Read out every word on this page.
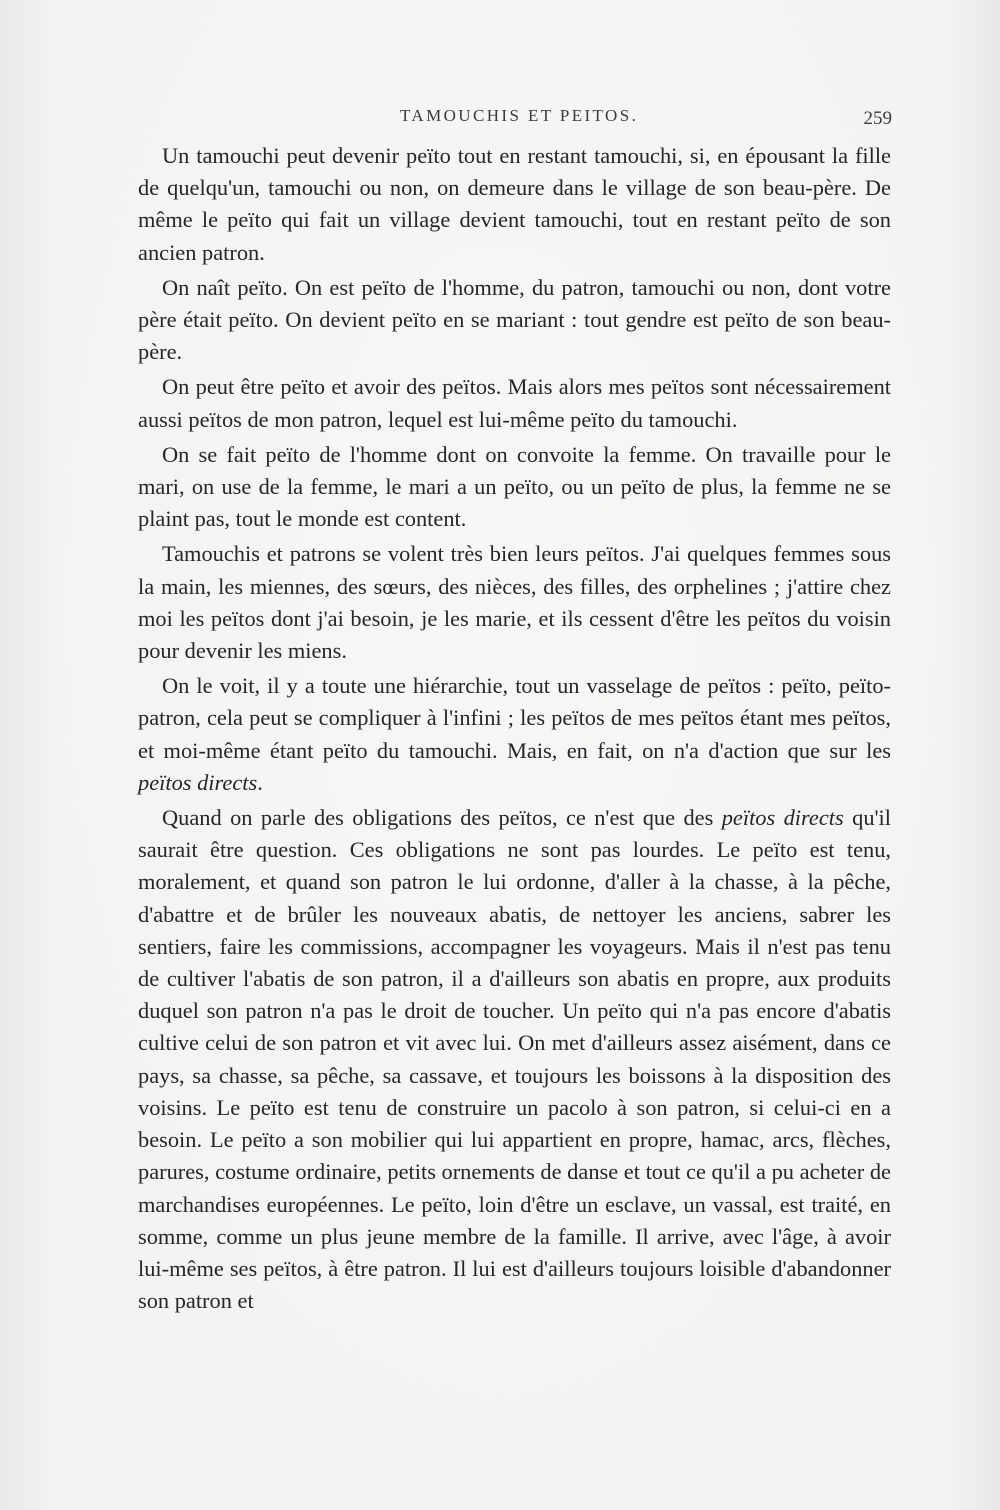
TAMOUCHIS ET PEITOS.	259

Un tamouchi peut devenir peïto tout en restant tamouchi, si, en épousant la fille de quelqu'un, tamouchi ou non, on demeure dans le village de son beau-père. De même le peïto qui fait un village devient tamouchi, tout en restant peïto de son ancien patron.

On naît peïto. On est peïto de l'homme, du patron, tamouchi ou non, dont votre père était peïto. On devient peïto en se mariant : tout gendre est peïto de son beau-père.

On peut être peïto et avoir des peïtos. Mais alors mes peïtos sont nécessairement aussi peïtos de mon patron, lequel est lui-même peïto du tamouchi.

On se fait peïto de l'homme dont on convoite la femme. On travaille pour le mari, on use de la femme, le mari a un peïto, ou un peïto de plus, la femme ne se plaint pas, tout le monde est content.

Tamouchis et patrons se volent très bien leurs peïtos. J'ai quelques femmes sous la main, les miennes, des sœurs, des nièces, des filles, des orphelines ; j'attire chez moi les peïtos dont j'ai besoin, je les marie, et ils cessent d'être les peïtos du voisin pour devenir les miens.

On le voit, il y a toute une hiérarchie, tout un vasselage de peïtos : peïto, peïto-patron, cela peut se compliquer à l'infini ; les peïtos de mes peïtos étant mes peïtos, et moi-même étant peïto du tamouchi. Mais, en fait, on n'a d'action que sur les peïtos directs.

Quand on parle des obligations des peïtos, ce n'est que des peïtos directs qu'il saurait être question. Ces obligations ne sont pas lourdes. Le peïto est tenu, moralement, et quand son patron le lui ordonne, d'aller à la chasse, à la pêche, d'abattre et de brûler les nouveaux abatis, de nettoyer les anciens, sabrer les sentiers, faire les commissions, accompagner les voyageurs. Mais il n'est pas tenu de cultiver l'abatis de son patron, il a d'ailleurs son abatis en propre, aux produits duquel son patron n'a pas le droit de toucher. Un peïto qui n'a pas encore d'abatis cultive celui de son patron et vit avec lui. On met d'ailleurs assez aisément, dans ce pays, sa chasse, sa pêche, sa cassave, et toujours les boissons à la disposition des voisins. Le peïto est tenu de construire un pacolo à son patron, si celui-ci en a besoin. Le peïto a son mobilier qui lui appartient en propre, hamac, arcs, flèches, parures, costume ordinaire, petits ornements de danse et tout ce qu'il a pu acheter de marchandises européennes. Le peïto, loin d'être un esclave, un vassal, est traité, en somme, comme un plus jeune membre de la famille. Il arrive, avec l'âge, à avoir lui-même ses peïtos, à être patron. Il lui est d'ailleurs toujours loisible d'abandonner son patron et
